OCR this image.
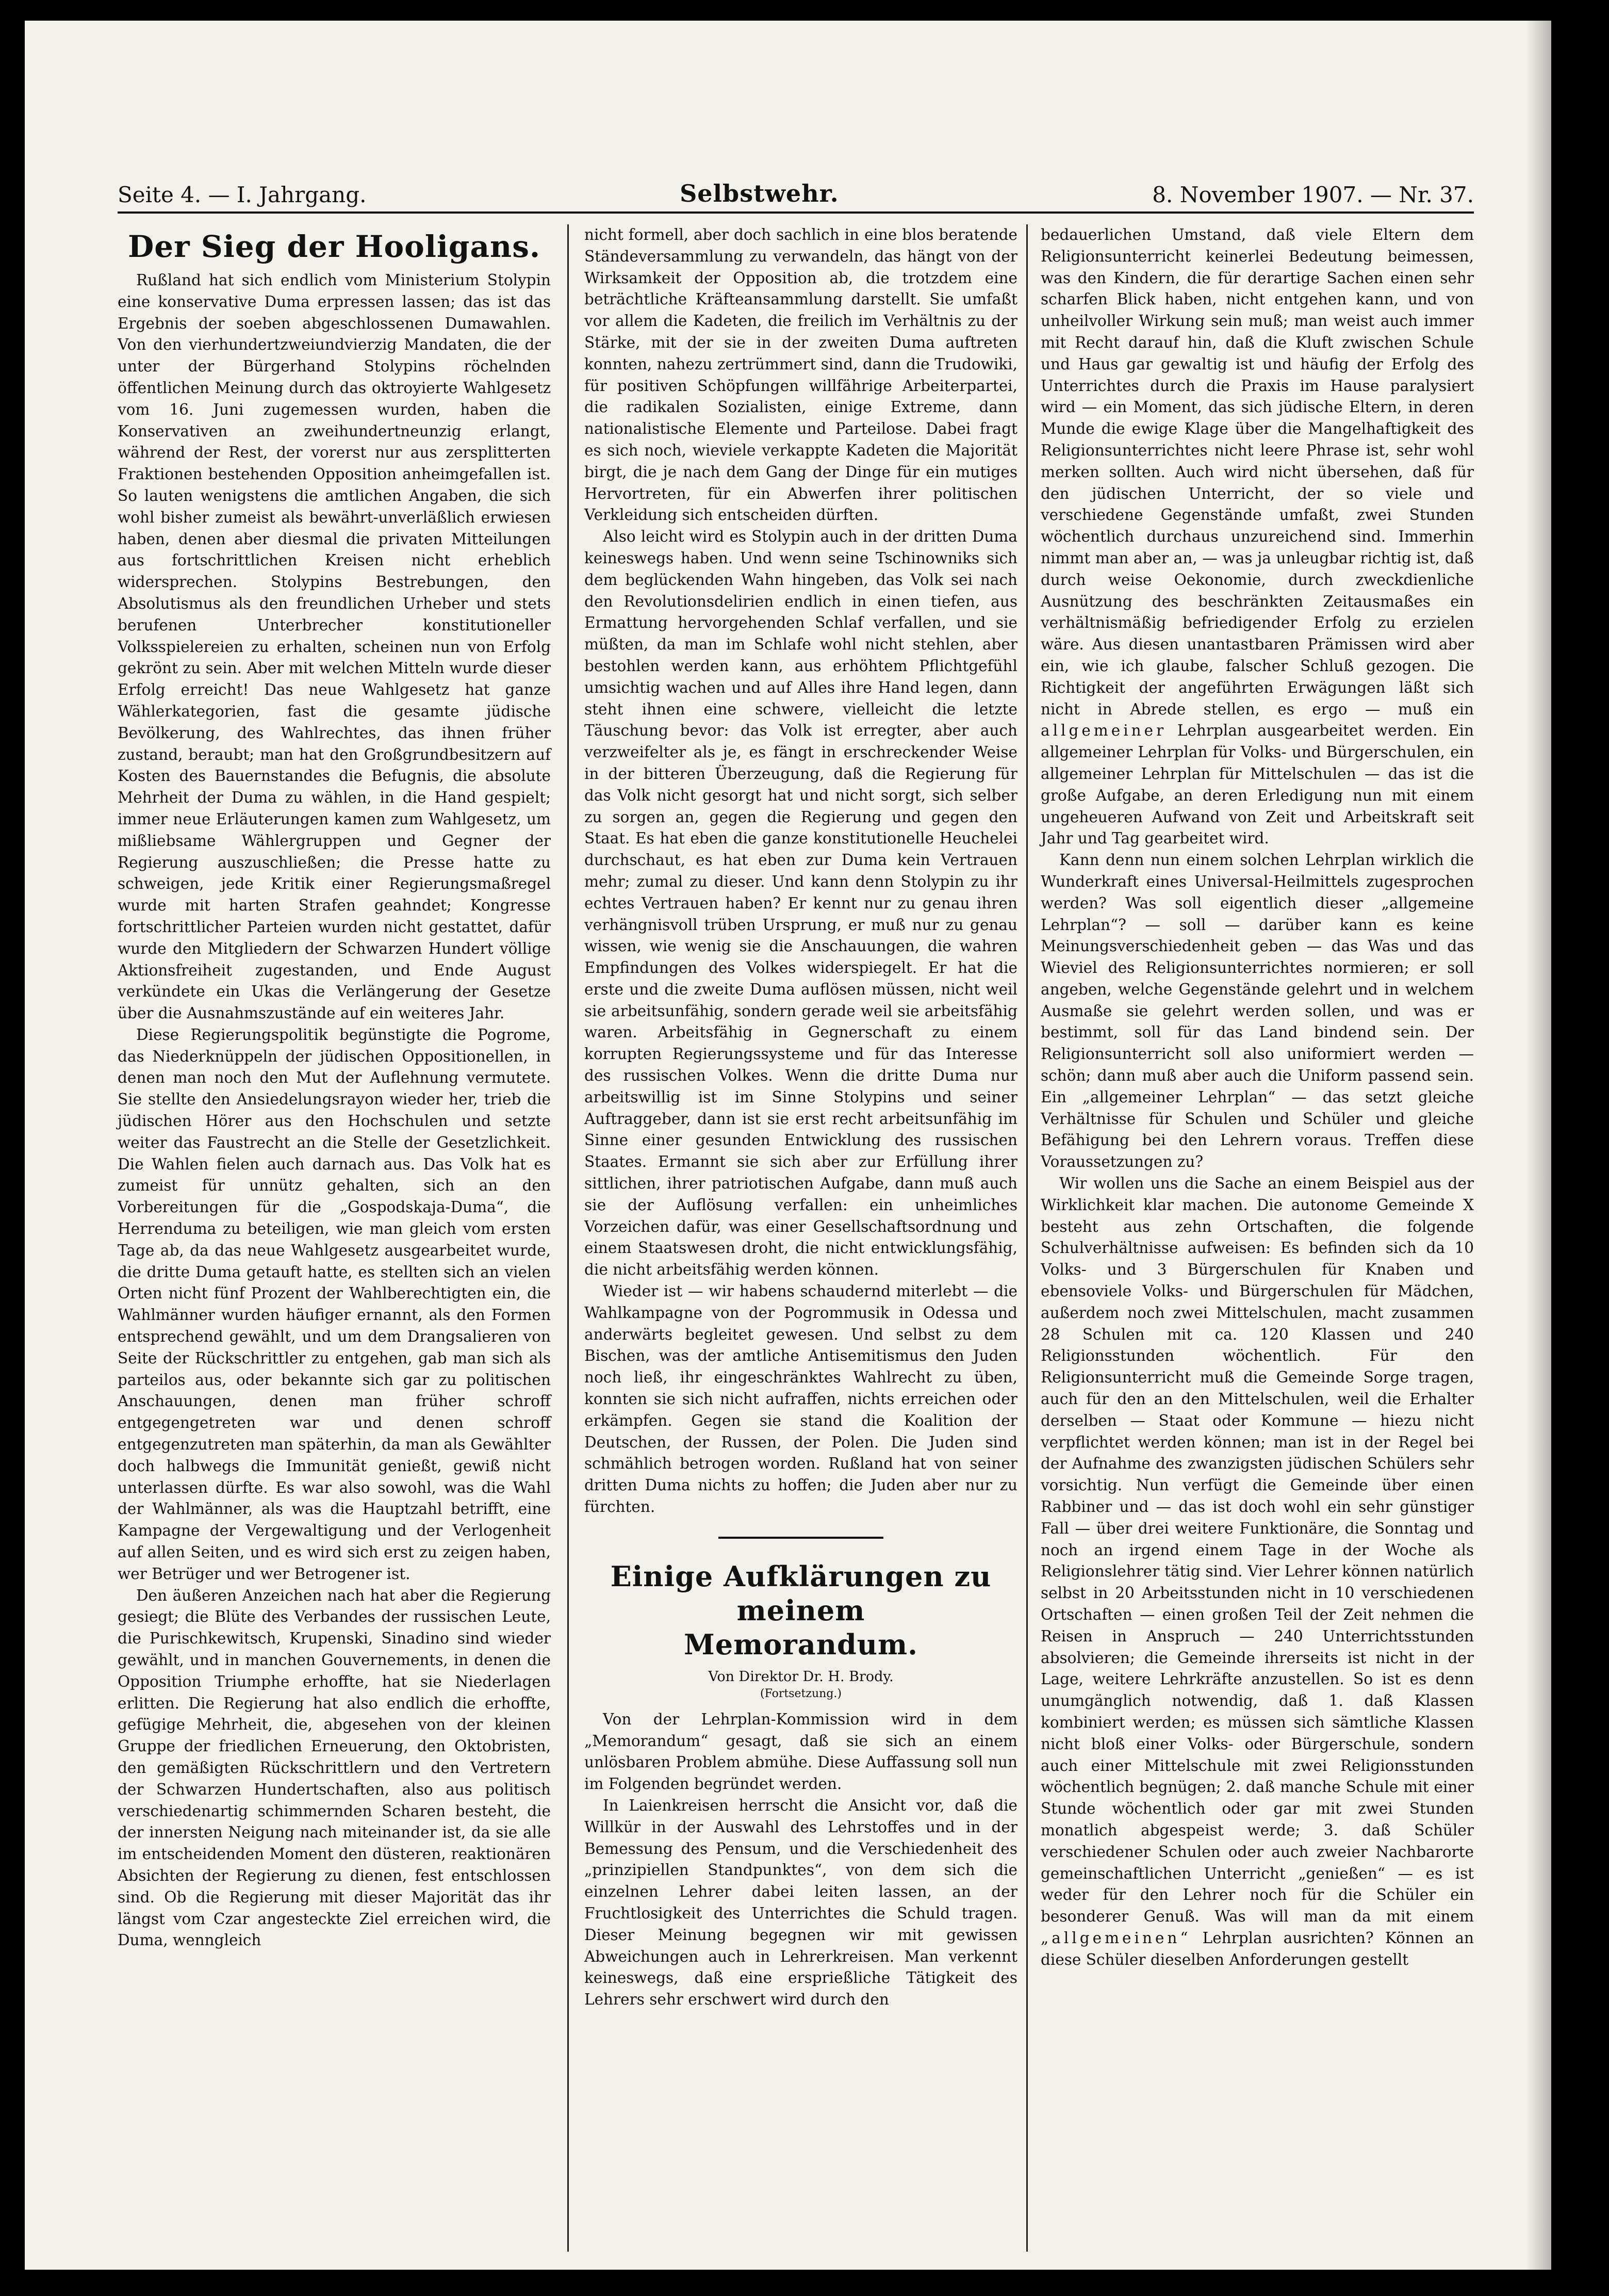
Seite 4. — I. Jahrgang.	Selbstwehr.	8. November 1907. — Nr. 37.
Der Sieg der Hooligans.

Rußland hat sich endlich vom Ministerium Stolypin eine konservative Duma erpressen lassen; das ist das Ergebnis der soeben abgeschlossenen Dumawahlen. Von den vierhundertzweiundvierzig Mandaten, die der unter der Bürgerhand Stolypins röchelnden öffentlichen Meinung durch das oktroyierte Wahlgesetz vom 16. Juni zugemessen wurden, haben die Konservativen an zweihundertneunzig erlangt, während der Rest, der vorerst nur aus zersplitterten Fraktionen bestehenden Opposition anheimgefallen ist. So lauten wenigstens die amtlichen Angaben, die sich wohl bisher zumeist als bewährt-unverläßlich erwiesen haben, denen aber diesmal die privaten Mitteilungen aus fortschrittlichen Kreisen nicht erheblich widersprechen. Stolypins Bestrebungen, den Absolutismus als den freundlichen Urheber und stets berufenen Unterbrecher konstitutioneller Volksspielereien zu erhalten, scheinen nun von Erfolg gekrönt zu sein. Aber mit welchen Mitteln wurde dieser Erfolg erreicht! Das neue Wahlgesetz hat ganze Wählerkategorien, fast die gesamte jüdische Bevölkerung, des Wahlrechtes, das ihnen früher zustand, beraubt; man hat den Großgrundbesitzern auf Kosten des Bauernstandes die Befugnis, die absolute Mehrheit der Duma zu wählen, in die Hand gespielt; immer neue Erläuterungen kamen zum Wahlgesetz, um mißliebsame Wählergruppen und Gegner der Regierung auszuschließen; die Presse hatte zu schweigen, jede Kritik einer Regierungsmaßregel wurde mit harten Strafen geahndet; Kongresse fortschrittlicher Parteien wurden nicht gestattet, dafür wurde den Mitgliedern der Schwarzen Hundert völlige Aktionsfreiheit zugestanden, und Ende August verkündete ein Ukas die Verlängerung der Gesetze über die Ausnahmszustände auf ein weiteres Jahr.

Diese Regierungspolitik begünstigte die Pogrome, das Niederknüppeln der jüdischen Oppositionellen, in denen man noch den Mut der Auflehnung vermutete. Sie stellte den Ansiedelungsrayon wieder her, trieb die jüdischen Hörer aus den Hochschulen und setzte weiter das Faustrecht an die Stelle der Gesetzlichkeit. Die Wahlen fielen auch darnach aus. Das Volk hat es zumeist für unnütz gehalten, sich an den Vorbereitungen für die „Gospodskaja-Duma“, die Herrenduma zu beteiligen, wie man gleich vom ersten Tage ab, da das neue Wahlgesetz ausgearbeitet wurde, die dritte Duma getauft hatte, es stellten sich an vielen Orten nicht fünf Prozent der Wahlberechtigten ein, die Wahlmänner wurden häufiger ernannt, als den Formen entsprechend gewählt, und um dem Drangsalieren von Seite der Rückschrittler zu entgehen, gab man sich als parteilos aus, oder bekannte sich gar zu politischen Anschauungen, denen man früher schroff entgegengetreten war und denen schroff entgegenzutreten man späterhin, da man als Gewählter doch halbwegs die Immunität genießt, gewiß nicht unterlassen dürfte. Es war also sowohl, was die Wahl der Wahlmänner, als was die Hauptzahl betrifft, eine Kampagne der Vergewaltigung und der Verlogenheit auf allen Seiten, und es wird sich erst zu zeigen haben, wer Betrüger und wer Betrogener ist.

Den äußeren Anzeichen nach hat aber die Regierung gesiegt; die Blüte des Verbandes der russischen Leute, die Purischkewitsch, Krupenski, Sinadino sind wieder gewählt, und in manchen Gouvernements, in denen die Opposition Triumphe erhoffte, hat sie Niederlagen erlitten. Die Regierung hat also endlich die erhoffte, gefügige Mehrheit, die, abgesehen von der kleinen Gruppe der friedlichen Erneuerung, den Oktobristen, den gemäßigten Rückschrittlern und den Vertretern der Schwarzen Hundertschaften, also aus politisch verschiedenartig schimmernden Scharen besteht, die der innersten Neigung nach miteinander ist, da sie alle im entscheidenden Moment den düsteren, reaktionären Absichten der Regierung zu dienen, fest entschlossen sind. Ob die Regierung mit dieser Majorität das ihr längst vom Czar angesteckte Ziel erreichen wird, die Duma, wenngleich

nicht formell, aber doch sachlich in eine blos beratende Ständeversammlung zu verwandeln, das hängt von der Wirksamkeit der Opposition ab, die trotzdem eine beträchtliche Kräfteansammlung darstellt. Sie umfaßt vor allem die Kadeten, die freilich im Verhältnis zu der Stärke, mit der sie in der zweiten Duma auftreten konnten, nahezu zertrümmert sind, dann die Trudowiki, für positiven Schöpfungen willfährige Arbeiterpartei, die radikalen Sozialisten, einige Extreme, dann nationalistische Elemente und Parteilose. Dabei fragt es sich noch, wieviele verkappte Kadeten die Majorität birgt, die je nach dem Gang der Dinge für ein mutiges Hervortreten, für ein Abwerfen ihrer politischen Verkleidung sich entscheiden dürften.

Also leicht wird es Stolypin auch in der dritten Duma keineswegs haben. Und wenn seine Tschinowniks sich dem beglückenden Wahn hingeben, das Volk sei nach den Revolutionsdelirien endlich in einen tiefen, aus Ermattung hervorgehenden Schlaf verfallen, und sie müßten, da man im Schlafe wohl nicht stehlen, aber bestohlen werden kann, aus erhöhtem Pflichtgefühl umsichtig wachen und auf Alles ihre Hand legen, dann steht ihnen eine schwere, vielleicht die letzte Täuschung bevor: das Volk ist erregter, aber auch verzweifelter als je, es fängt in erschreckender Weise in der bitteren Überzeugung, daß die Regierung für das Volk nicht gesorgt hat und nicht sorgt, sich selber zu sorgen an, gegen die Regierung und gegen den Staat. Es hat eben die ganze konstitutionelle Heuchelei durchschaut, es hat eben zur Duma kein Vertrauen mehr; zumal zu dieser. Und kann denn Stolypin zu ihr echtes Vertrauen haben? Er kennt nur zu genau ihren verhängnisvoll trüben Ursprung, er muß nur zu genau wissen, wie wenig sie die Anschauungen, die wahren Empfindungen des Volkes widerspiegelt. Er hat die erste und die zweite Duma auflösen müssen, nicht weil sie arbeitsunfähig, sondern gerade weil sie arbeitsfähig waren. Arbeitsfähig in Gegnerschaft zu einem korrupten Regierungssysteme und für das Interesse des russischen Volkes. Wenn die dritte Duma nur arbeitswillig ist im Sinne Stolypins und seiner Auftraggeber, dann ist sie erst recht arbeitsunfähig im Sinne einer gesunden Entwicklung des russischen Staates. Ermannt sie sich aber zur Erfüllung ihrer sittlichen, ihrer patriotischen Aufgabe, dann muß auch sie der Auflösung verfallen: ein unheimliches Vorzeichen dafür, was einer Gesellschaftsordnung und einem Staatswesen droht, die nicht entwicklungsfähig, die nicht arbeitsfähig werden können.

Wieder ist — wir habens schaudernd miterlebt — die Wahlkampagne von der Pogrommusik in Odessa und anderwärts begleitet gewesen. Und selbst zu dem Bischen, was der amtliche Antisemitismus den Juden noch ließ, ihr eingeschränktes Wahlrecht zu üben, konnten sie sich nicht aufraffen, nichts erreichen oder erkämpfen. Gegen sie stand die Koalition der Deutschen, der Russen, der Polen. Die Juden sind schmählich betrogen worden. Rußland hat von seiner dritten Duma nichts zu hoffen; die Juden aber nur zu fürchten.

Einige Aufklärungen zu meinem
Memorandum.
Von Direktor Dr. H. Brody.
(Fortsetzung.)

Von der Lehrplan-Kommission wird in dem „Memorandum“ gesagt, daß sie sich an einem unlösbaren Problem abmühe. Diese Auffassung soll nun im Folgenden begründet werden.

In Laienkreisen herrscht die Ansicht vor, daß die Willkür in der Auswahl des Lehrstoffes und in der Bemessung des Pensum, und die Verschiedenheit des „prinzipiellen Standpunktes“, von dem sich die einzelnen Lehrer dabei leiten lassen, an der Fruchtlosigkeit des Unterrichtes die Schuld tragen. Dieser Meinung begegnen wir mit gewissen Abweichungen auch in Lehrerkreisen. Man verkennt keineswegs, daß eine ersprießliche Tätigkeit des Lehrers sehr erschwert wird durch den

bedauerlichen Umstand, daß viele Eltern dem Religionsunterricht keinerlei Bedeutung beimessen, was den Kindern, die für derartige Sachen einen sehr scharfen Blick haben, nicht entgehen kann, und von unheilvoller Wirkung sein muß; man weist auch immer mit Recht darauf hin, daß die Kluft zwischen Schule und Haus gar gewaltig ist und häufig der Erfolg des Unterrichtes durch die Praxis im Hause paralysiert wird — ein Moment, das sich jüdische Eltern, in deren Munde die ewige Klage über die Mangelhaftigkeit des Religionsunterrichtes nicht leere Phrase ist, sehr wohl merken sollten. Auch wird nicht übersehen, daß für den jüdischen Unterricht, der so viele und verschiedene Gegenstände umfaßt, zwei Stunden wöchentlich durchaus unzureichend sind. Immerhin nimmt man aber an, — was ja unleugbar richtig ist, daß durch weise Oekonomie, durch zweckdienliche Ausnützung des beschränkten Zeitausmaßes ein verhältnismäßig befriedigender Erfolg zu erzielen wäre. Aus diesen unantastbaren Prämissen wird aber ein, wie ich glaube, falscher Schluß gezogen. Die Richtigkeit der angeführten Erwägungen läßt sich nicht in Abrede stellen, es ergo — muß ein allgemeiner Lehrplan ausgearbeitet werden. Ein allgemeiner Lehrplan für Volks- und Bürgerschulen, ein allgemeiner Lehrplan für Mittelschulen — das ist die große Aufgabe, an deren Erledigung nun mit einem ungeheueren Aufwand von Zeit und Arbeitskraft seit Jahr und Tag gearbeitet wird.

Kann denn nun einem solchen Lehrplan wirklich die Wunderkraft eines Universal-Heilmittels zugesprochen werden? Was soll eigentlich dieser „allgemeine Lehrplan“? — soll — darüber kann es keine Meinungsverschiedenheit geben — das Was und das Wieviel des Religionsunterrichtes normieren; er soll angeben, welche Gegenstände gelehrt und in welchem Ausmaße sie gelehrt werden sollen, und was er bestimmt, soll für das Land bindend sein. Der Religionsunterricht soll also uniformiert werden — schön; dann muß aber auch die Uniform passend sein. Ein „allgemeiner Lehrplan“ — das setzt gleiche Verhältnisse für Schulen und Schüler und gleiche Befähigung bei den Lehrern voraus. Treffen diese Voraussetzungen zu?

Wir wollen uns die Sache an einem Beispiel aus der Wirklichkeit klar machen. Die autonome Gemeinde X besteht aus zehn Ortschaften, die folgende Schulverhältnisse aufweisen: Es befinden sich da 10 Volks- und 3 Bürgerschulen für Knaben und ebensoviele Volks- und Bürgerschulen für Mädchen, außerdem noch zwei Mittelschulen, macht zusammen 28 Schulen mit ca. 120 Klassen und 240 Religionsstunden wöchentlich. Für den Religionsunterricht muß die Gemeinde Sorge tragen, auch für den an den Mittelschulen, weil die Erhalter derselben — Staat oder Kommune — hiezu nicht verpflichtet werden können; man ist in der Regel bei der Aufnahme des zwanzigsten jüdischen Schülers sehr vorsichtig. Nun verfügt die Gemeinde über einen Rabbiner und — das ist doch wohl ein sehr günstiger Fall — über drei weitere Funktionäre, die Sonntag und noch an irgend einem Tage in der Woche als Religionslehrer tätig sind. Vier Lehrer können natürlich selbst in 20 Arbeitsstunden nicht in 10 verschiedenen Ortschaften — einen großen Teil der Zeit nehmen die Reisen in Anspruch — 240 Unterrichtsstunden absolvieren; die Gemeinde ihrerseits ist nicht in der Lage, weitere Lehrkräfte anzustellen. So ist es denn unumgänglich notwendig, daß 1. daß Klassen kombiniert werden; es müssen sich sämtliche Klassen nicht bloß einer Volks- oder Bürgerschule, sondern auch einer Mittelschule mit zwei Religionsstunden wöchentlich begnügen; 2. daß manche Schule mit einer Stunde wöchentlich oder gar mit zwei Stunden monatlich abgespeist werde; 3. daß Schüler verschiedener Schulen oder auch zweier Nachbarorte gemeinschaftlichen Unterricht „genießen“ — es ist weder für den Lehrer noch für die Schüler ein besonderer Genuß. Was will man da mit einem „allgemeinen“ Lehrplan ausrichten? Können an diese Schüler dieselben Anforderungen gestellt
